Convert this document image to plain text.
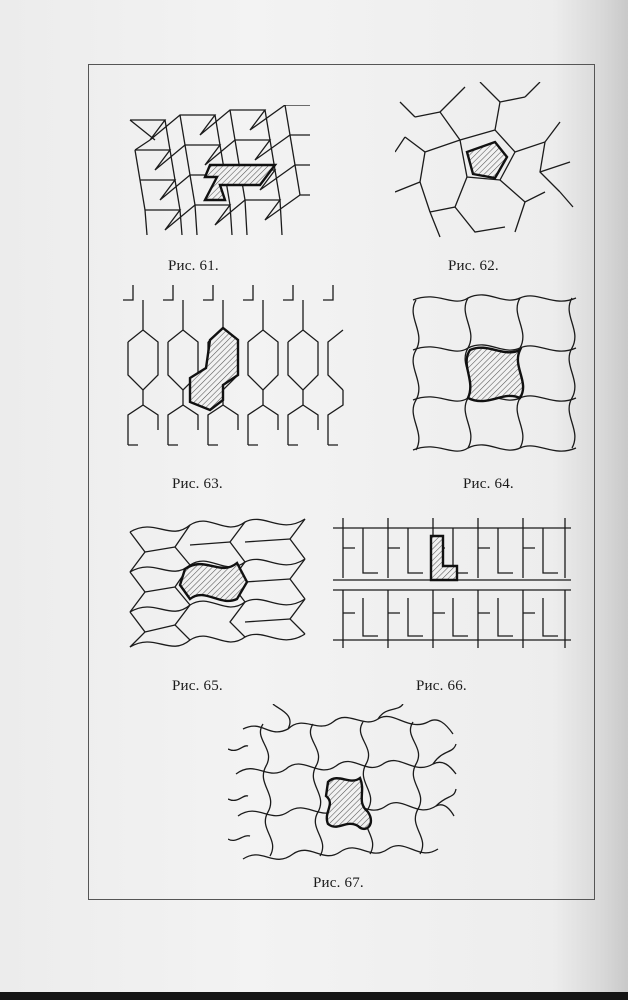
Рис. 61.	Рис. 62.
Рис. 63.	Рис. 64.
Рис. 65.	Рис. 66.
Рис. 67.
